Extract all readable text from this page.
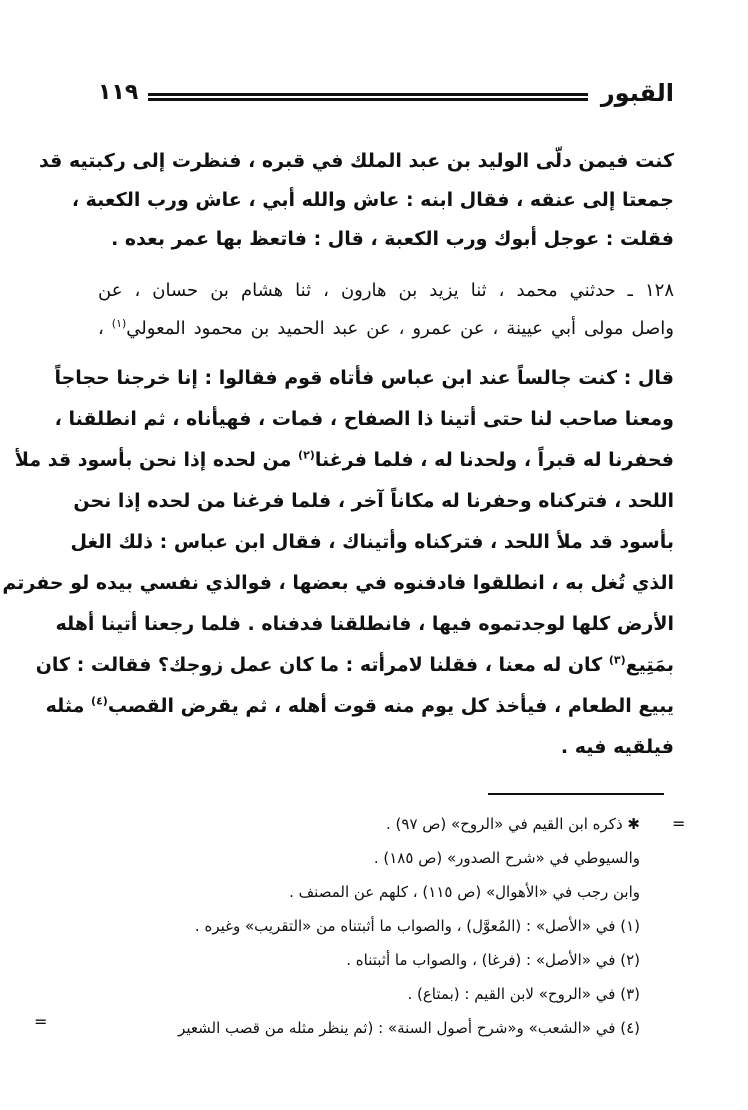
القبور
١١٩
كنت فيمن دلّى الوليد بن عبد الملك في قبره ، فنظرت إلى ركبتيه قد
جمعتا إلى عنقه ، فقال ابنه : عاش والله أبي ، عاش ورب الكعبة ،
فقلت : عوجل أبوك ورب الكعبة ، قال : فاتعظ بها عمر بعده .
١٢٨ ـ حدثني محمد ، ثنا يزيد بن هارون ، ثنا هشام بن حسان ، عن
واصل مولى أبي عيينة ، عن عمرو ، عن عبد الحميد بن محمود المعولي$^{(١)}$ ،
قال : كنت جالساً عند ابن عباس فأتاه قوم فقالوا : إنا خرجنا حجاجاً
ومعنا صاحب لنا حتى أتينا ذا الصفاح ، فمات ، فهيأناه ، ثم انطلقنا ،
فحفرنا له قبراً ، ولحدنا له ، فلما فرغنا$^{(٢)}$ من لحده إذا نحن بأسود قد ملأ
اللحد ، فتركناه وحفرنا له مكاناً آخر ، فلما فرغنا من لحده إذا نحن
بأسود قد ملأ اللحد ، فتركناه وأتيناك ، فقال ابن عباس : ذلك الغل
الذي تُغل به ، انطلقوا فادفنوه في بعضها ، فوالذي نفسي بيده لو حفرتم
الأرض كلها لوجدتموه فيها ، فانطلقنا فدفناه . فلما رجعنا أتينا أهله
بمَتِيع$^{(٣)}$ كان له معنا ، فقلنا لامرأته : ما كان عمل زوجك؟ فقالت : كان
يبيع الطعام ، فيأخذ كل يوم منه قوت أهله ، ثم يقرض القصب$^{(٤)}$ مثله
فيلقيه فيه .
=
✱ ذكره ابن القيم في «الروح» (ص ٩٧) .
والسيوطي في «شرح الصدور» (ص ١٨٥) .
وابن رجب في «الأهوال» (ص ١١٥) ، كلهم عن المصنف .
(١) في «الأصل» : (المُعوَّل) ، والصواب ما أثبتناه من «التقريب» وغيره .
(٢) في «الأصل» : (فرغا) ، والصواب ما أثبتناه .
(٣) في «الروح» لابن القيم : (بمتاع) .
(٤) في «الشعب» و«شرح أصول السنة» : (ثم ينظر مثله من قصب الشعير
=
